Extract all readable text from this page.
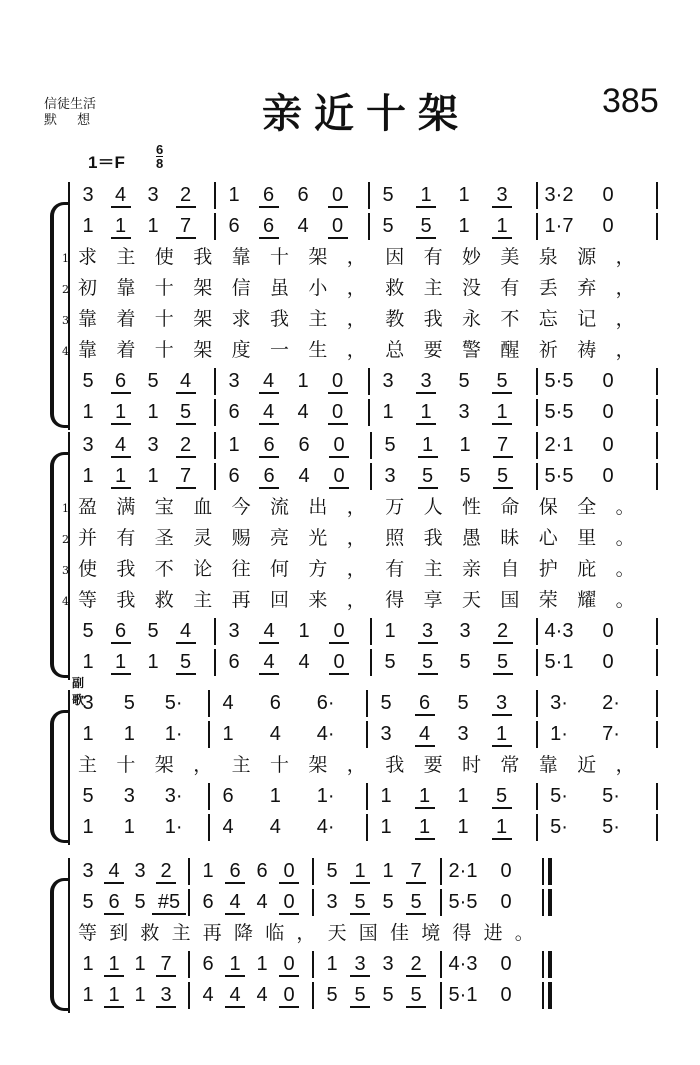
信徒生活
默 想	亲近十架	385
1＝F
6
8
3 4 3 2 1 6 6 0 5 1 1 3 3·2 0
1 1 1 7 6 6 4 0 5 5 1 1 1·7 0
1 求主使我靠十架，因有妙美泉源，
2 初靠十架信虽小，救主没有丢弃，
3 靠着十架求我主，教我永不忘记，
4 靠着十架度一生，总要警醒祈祷，
5 6 5 4 3 4 1 0 3 3 5 5 5·5 0
1 1 1 5 6 4 4 0 1 1 3 1 5·5 0
3 4 3 2 1 6 6 0 5 1 1 7 2·1 0
1 1 1 7 6 6 4 0 3 5 5 5 5·5 0
1 盈满宝血今流出，万人性命保全。
2 并有圣灵赐亮光，照我愚昧心里。
3 使我不论往何方，有主亲自护庇。
4 等我救主再回来，得享天国荣耀。
5 6 5 4 3 4 1 0 1 3 3 2 4·3 0
1 1 1 5 6 4 4 0 5 5 5 5 5·1 0
副歌
3 5	5·	4 6	6·	5 6 5 3	3·	2·
1 1	1·	1 4	4·	3 4 3 1	1·	7·
主十架，主十架，我要时常靠近，
5 3	3·	6 1	1·	1 1 1 5	5·	5·
1 1	1·	4 4	4·	1 1 1 1	5·	5·
3 4 3 2 1 6 6 0 5 1 1 7 2·1 0
5 6 5 #5 6 4 4 0 3 5 5 5 5·5 0
等到救主再降临，天国佳境得进。
1 1 1 7 6 1 1 0 1 3 3 2 4·3 0
1 1 1 3 4 4 4 0 5 5 5 5 5·1 0
